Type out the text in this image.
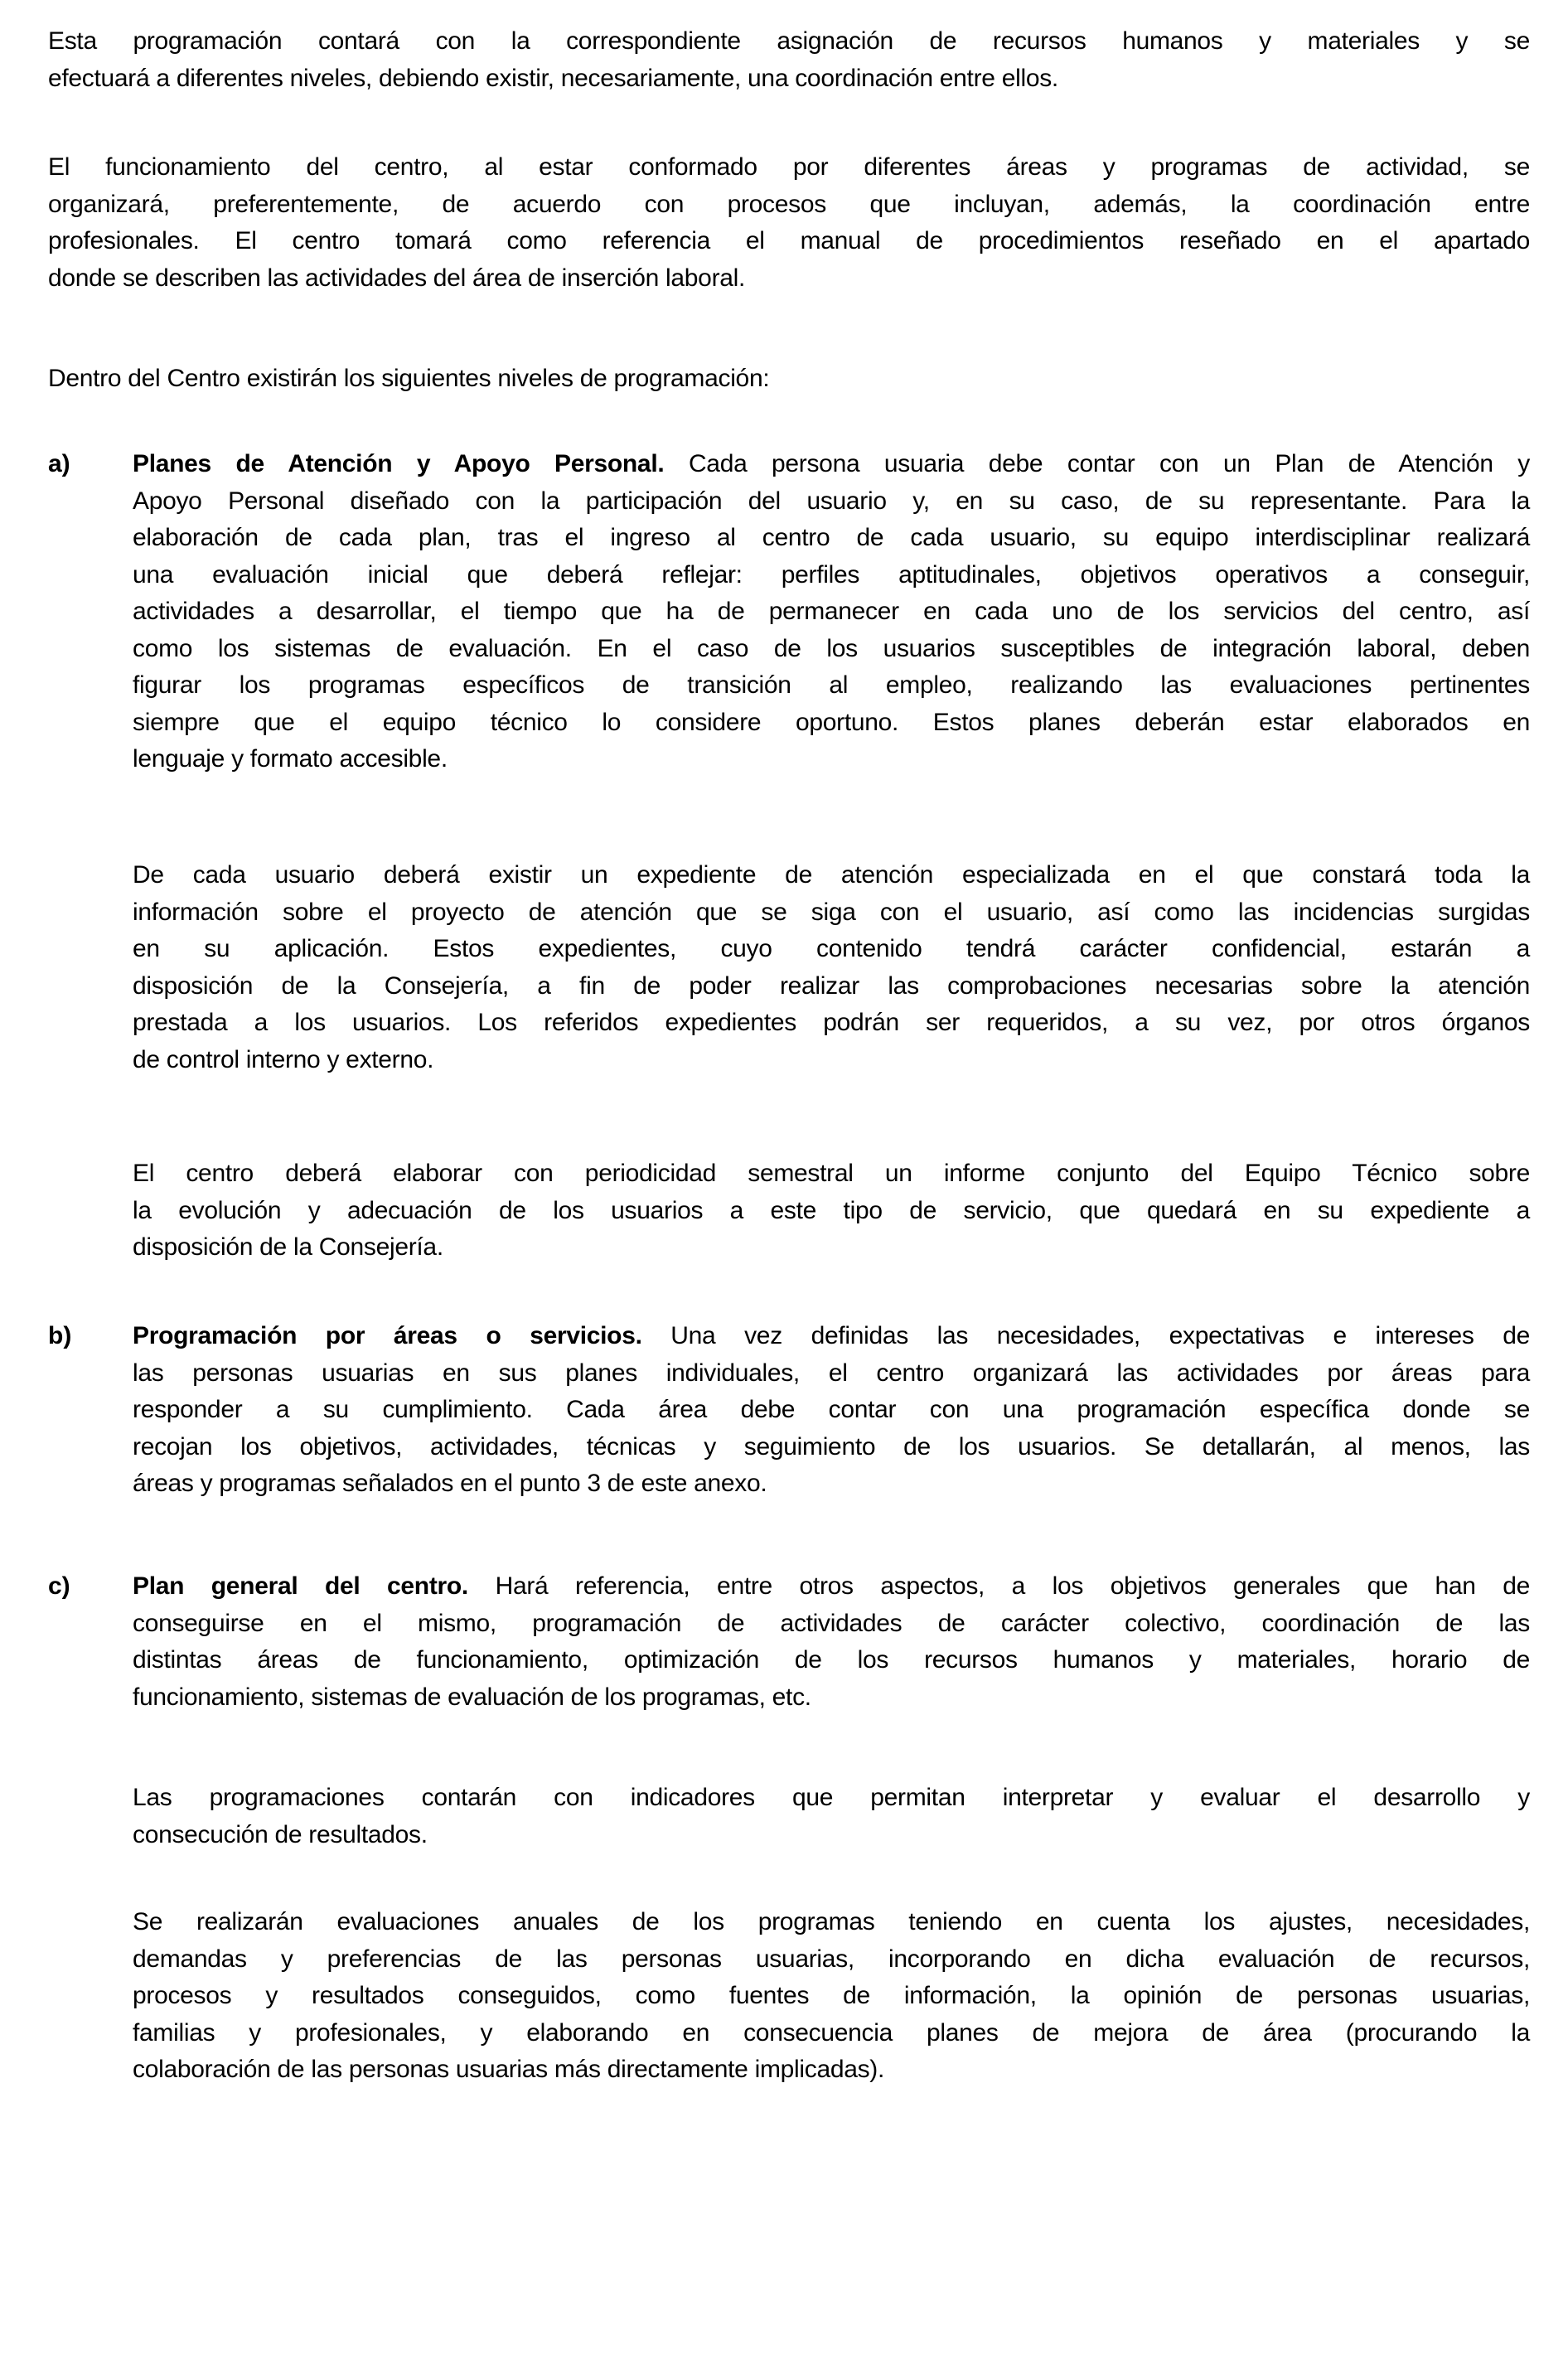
Esta programación contará con la correspondiente asignación de recursos humanos y materiales y se
efectuará a diferentes niveles, debiendo existir, necesariamente, una coordinación entre ellos.
El funcionamiento del centro, al estar conformado por diferentes áreas y programas de actividad, se
organizará, preferentemente, de acuerdo con procesos que incluyan, además, la coordinación entre
profesionales. El centro tomará como referencia el manual de procedimientos reseñado en el apartado
donde se describen las actividades del área de inserción laboral.
Dentro del Centro existirán los siguientes niveles de programación:
a)	Planes de Atención y Apoyo Personal. Cada persona usuaria debe contar con un Plan de Atención y
Apoyo Personal diseñado con la participación del usuario y, en su caso, de su representante. Para la
elaboración de cada plan, tras el ingreso al centro de cada usuario, su equipo interdisciplinar realizará
una evaluación inicial que deberá reflejar: perfiles aptitudinales, objetivos operativos a conseguir,
actividades a desarrollar, el tiempo que ha de permanecer en cada uno de los servicios del centro, así
como los sistemas de evaluación. En el caso de los usuarios susceptibles de integración laboral, deben
figurar los programas específicos de transición al empleo, realizando las evaluaciones pertinentes
siempre que el equipo técnico lo considere oportuno. Estos planes deberán estar elaborados en
lenguaje y formato accesible.
De cada usuario deberá existir un expediente de atención especializada en el que constará toda la
información sobre el proyecto de atención que se siga con el usuario, así como las incidencias surgidas
en su aplicación. Estos expedientes, cuyo contenido tendrá carácter confidencial, estarán a
disposición de la Consejería, a fin de poder realizar las comprobaciones necesarias sobre la atención
prestada a los usuarios. Los referidos expedientes podrán ser requeridos, a su vez, por otros órganos
de control interno y externo.
El centro deberá elaborar con periodicidad semestral un informe conjunto del Equipo Técnico sobre
la evolución y adecuación de los usuarios a este tipo de servicio, que quedará en su expediente a
disposición de la Consejería.
b) Programación por áreas o servicios. Una vez definidas las necesidades, expectativas e intereses de
las personas usuarias en sus planes individuales, el centro organizará las actividades por áreas para
responder a su cumplimiento. Cada área debe contar con una programación específica donde se
recojan los objetivos, actividades, técnicas y seguimiento de los usuarios. Se detallarán, al menos, las
áreas y programas señalados en el punto 3 de este anexo.
c)	Plan general del centro. Hará referencia, entre otros aspectos, a los objetivos generales que han de
conseguirse en el mismo, programación de actividades de carácter colectivo, coordinación de las
distintas áreas de funcionamiento, optimización de los recursos humanos y materiales, horario de
funcionamiento, sistemas de evaluación de los programas, etc.
Las programaciones contarán con indicadores que permitan interpretar y evaluar el desarrollo y
consecución de resultados.
Se realizarán evaluaciones anuales de los programas teniendo en cuenta los ajustes, necesidades,
demandas y preferencias de las personas usuarias, incorporando en dicha evaluación de recursos,
procesos y resultados conseguidos, como fuentes de información, la opinión de personas usuarias,
familias y profesionales, y elaborando en consecuencia planes de mejora de área (procurando la
colaboración de las personas usuarias más directamente implicadas).
